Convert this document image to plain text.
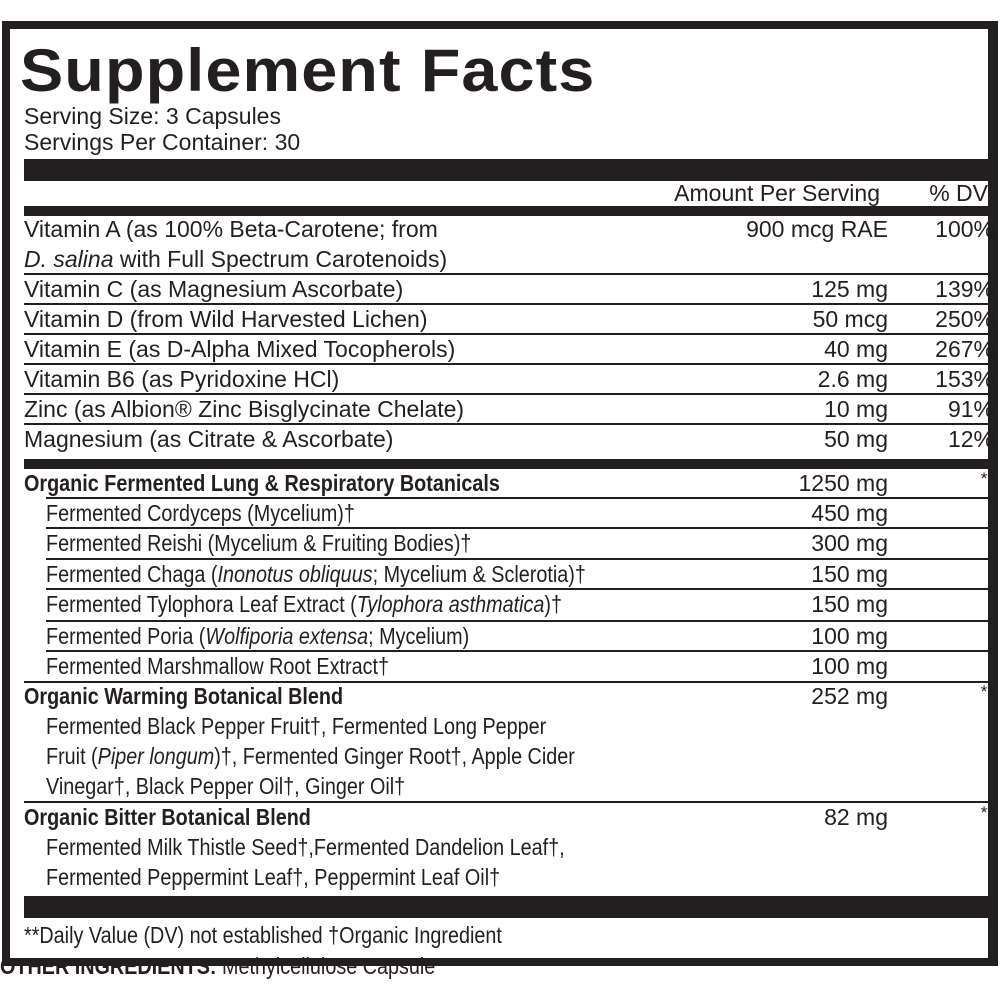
Supplement Facts
Serving Size: 3 Capsules
Servings Per Container: 30
Amount Per Serving % DV
Vitamin A (as 100% Beta-Carotene; from
D. salina with Full Spectrum Carotenoids)
900 mcg RAE 100%
Vitamin C (as Magnesium Ascorbate)	125 mg 139%
Vitamin D (from Wild Harvested Lichen)	50 mcg 250%
Vitamin E (as D-Alpha Mixed Tocopherols)	40 mg 267%
Vitamin B6 (as Pyridoxine HCl)	2.6 mg 153%
Zinc (as Albion® Zinc Bisglycinate Chelate)	10 mg	91%
Magnesium (as Citrate & Ascorbate)	50 mg	12%
Organic Fermented Lung & Respiratory Botanicals	1250 mg	**
Fermented Cordyceps (Mycelium)†	450 mg
Fermented Reishi (Mycelium & Fruiting Bodies)†	300 mg
Fermented Chaga (Inonotus obliquus; Mycelium & Sclerotia)†	150 mg
Fermented Tylophora Leaf Extract (Tylophora asthmatica)†	150 mg
Fermented Poria (Wolfiporia extensa; Mycelium)	100 mg
Fermented Marshmallow Root Extract†	100 mg
Organic Warming Botanical Blend	252 mg	**
Fermented Black Pepper Fruit†, Fermented Long Pepper
Fruit (Piper longum)†, Fermented Ginger Root†, Apple Cider
Vinegar†, Black Pepper Oil†, Ginger Oil†
Organic Bitter Botanical Blend	82 mg	**
Fermented Milk Thistle Seed†,Fermented Dandelion Leaf†,
Fermented Peppermint Leaf†, Peppermint Leaf Oil†
**Daily Value (DV) not established †Organic Ingredient
OTHER INGREDIENTS: Methylcellulose Capsule
